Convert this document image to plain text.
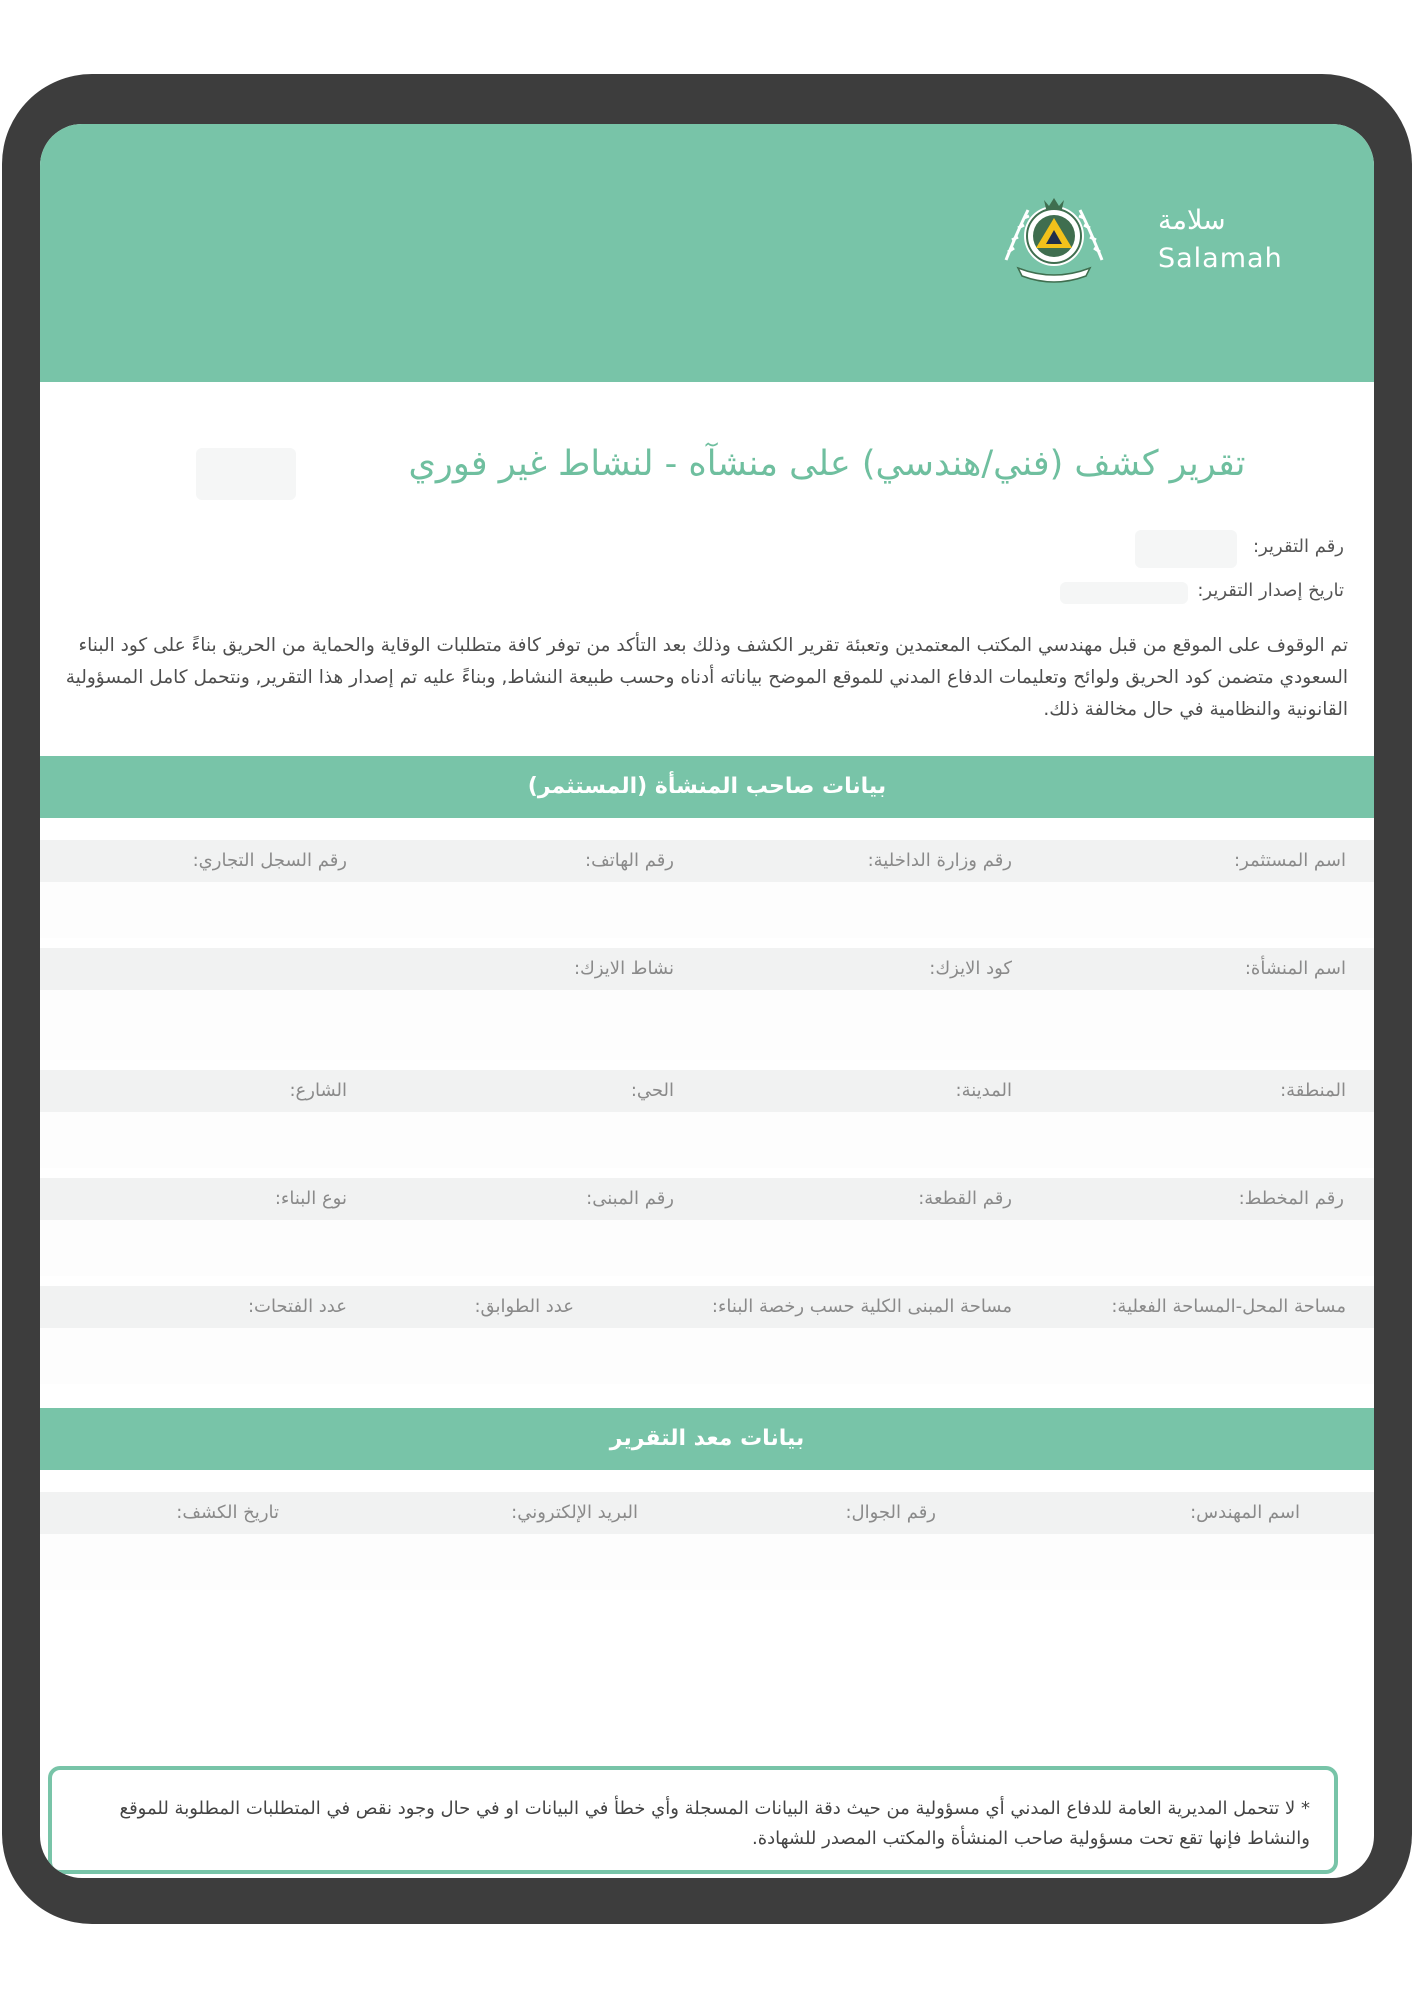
سلامة
Salamah
تقرير كشف (فني/هندسي) على منشآه - لنشاط غير فوري
رقم التقرير:
تاريخ إصدار التقرير:
تم الوقوف على الموقع من قبل مهندسي المكتب المعتمدين وتعبئة تقرير الكشف وذلك بعد التأكد من توفر كافة متطلبات الوقاية والحماية من الحريق بناءً على كود البناء السعودي متضمن كود الحريق ولوائح وتعليمات الدفاع المدني للموقع الموضح بياناته أدناه وحسب طبيعة النشاط, وبناءً عليه تم إصدار هذا التقرير, ونتحمل كامل المسؤولية القانونية والنظامية في حال مخالفة ذلك.
بيانات صاحب المنشأة (المستثمر)
اسم المستثمر:
رقم وزارة الداخلية:
رقم الهاتف:
رقم السجل التجاري:
اسم المنشأة:
كود الايزك:
نشاط الايزك:
المنطقة:
المدينة:
الحي:
الشارع:
رقم المخطط:
رقم القطعة:
رقم المبنى:
نوع البناء:
مساحة المحل-المساحة الفعلية:
مساحة المبنى الكلية حسب رخصة البناء:
عدد الطوابق:
عدد الفتحات:
بيانات معد التقرير
اسم المهندس:
رقم الجوال:
البريد الإلكتروني:
تاريخ الكشف:

* لا تتحمل المديرية العامة للدفاع المدني أي مسؤولية من حيث دقة البيانات المسجلة وأي خطأ في البيانات او في حال وجود نقص في المتطلبات المطلوبة للموقع والنشاط فإنها تقع تحت مسؤولية صاحب المنشأة والمكتب المصدر للشهادة.
